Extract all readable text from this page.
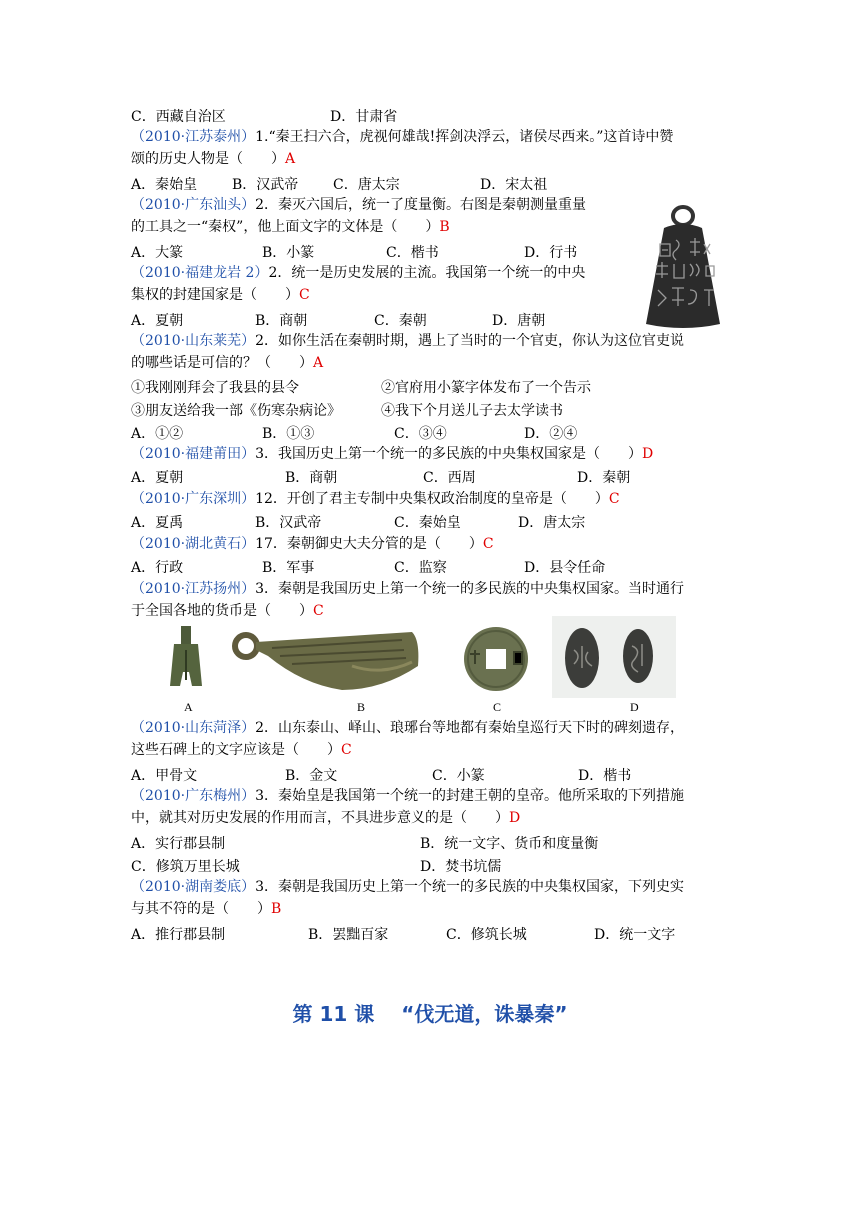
C．西藏自治区	D．甘肃省
（2010·江苏泰州）1.“秦王扫六合，虎视何雄哉!挥剑决浮云，诸侯尽西来。”这首诗中赞
颂的历史人物是（　　）A
A．秦始皇 B．汉武帝 C．唐太宗	D．宋太祖
（2010·广东汕头）2．秦灭六国后，统一了度量衡。右图是秦朝测量重量
的工具之一“秦权”，他上面文字的文体是（　　）B
A．大篆	B．小篆	C．楷书	D．行书
（2010·福建龙岩 2）2．统一是历史发展的主流。我国第一个统一的中央
集权的封建国家是（　　）C
A．夏朝	B．商朝	C．秦朝	D．唐朝
（2010·山东莱芜）2．如你生活在秦朝时期，遇上了当时的一个官吏，你认为这位官吏说
的哪些话是可信的？（　　）A
①我刚刚拜会了我县的县令	②官府用小篆字体发布了一个告示
③朋友送给我一部《伤寒杂病论》	④我下个月送儿子去太学读书
A．①②	B．①③	C．③④	D．②④
（2010·福建莆田）3．我国历史上第一个统一的多民族的中央集权国家是（　　）D
A．夏朝	B．商朝	C．西周	D．秦朝
（2010·广东深圳）12．开创了君主专制中央集权政治制度的皇帝是（　　）C
A．夏禹	B．汉武帝	C．秦始皇	D．唐太宗
（2010·湖北黄石）17．秦朝御史大夫分管的是（　　）C
A．行政	B．军事	C．监察	D．县令任命
（2010·江苏扬州）3．秦朝是我国历史上第一个统一的多民族的中央集权国家。当时通行
于全国各地的货币是（　　）C
A	B	C	D
（2010·山东菏泽）2．山东泰山、峄山、琅琊台等地都有秦始皇巡行天下时的碑刻遗存，
这些石碑上的文字应该是（　　）C
A．甲骨文	B．金文	C．小篆	D．楷书
（2010·广东梅州）3．秦始皇是我国第一个统一的封建王朝的皇帝。他所采取的下列措施
中，就其对历史发展的作用而言，不具进步意义的是（　　）D
A．实行郡县制	B．统一文字、货币和度量衡
C．修筑万里长城	D．焚书坑儒
（2010·湖南娄底）3．秦朝是我国历史上第一个统一的多民族的中央集权国家，下列史实
与其不符的是（　　）B
A．推行郡县制	B．罢黜百家	C．修筑长城	D．统一文字
第 11 课　 “伐无道，诛暴秦”
